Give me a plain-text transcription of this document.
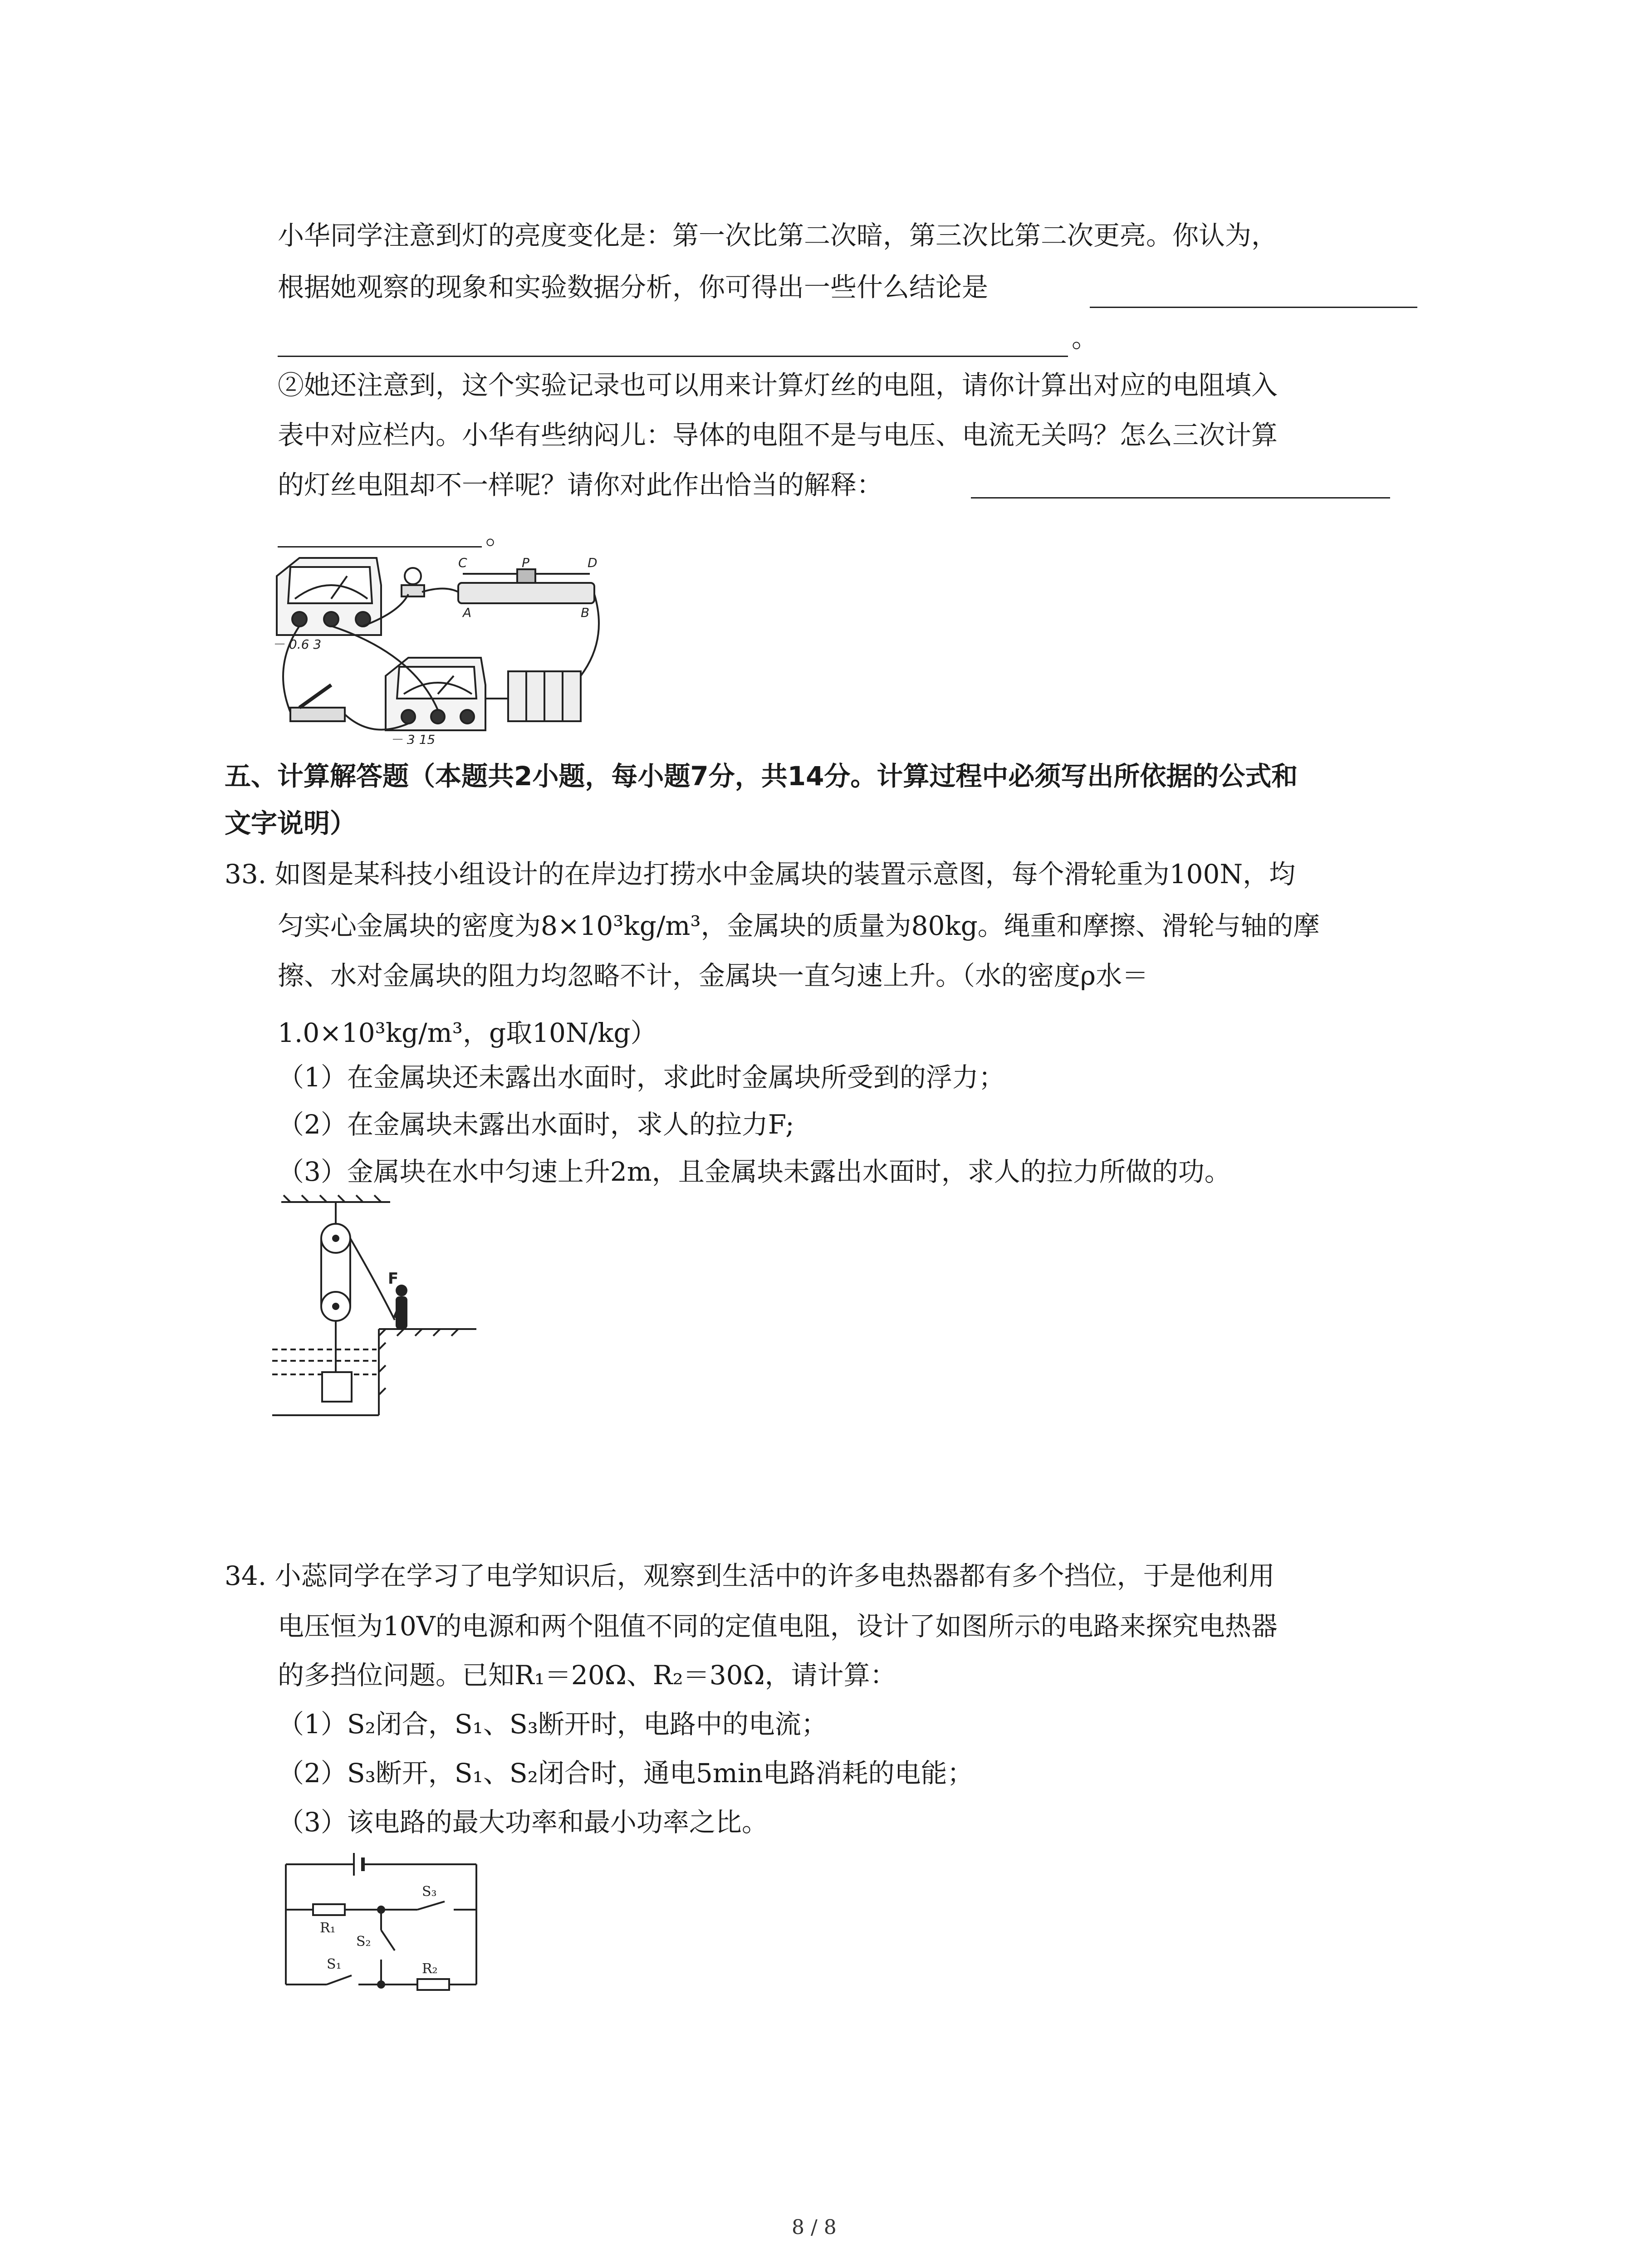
小华同学注意到灯的亮度变化是：第一次比第二次暗，第三次比第二次更亮。你认为，
根据她观察的现象和实验数据分析，你可得出一些什么结论是
。
②她还注意到，这个实验记录也可以用来计算灯丝的电阻，请你计算出对应的电阻填入
表中对应栏内。小华有些纳闷儿：导体的电阻不是与电压、电流无关吗？怎么三次计算
的灯丝电阻却不一样呢？请你对此作出恰当的解释：
。
－ 0.6 3
－ 3 15
C	P	D
A	B
五、计算解答题（本题共2小题，每小题7分，共14分。计算过程中必须写出所依据的公式和
文字说明）
33. 如图是某科技小组设计的在岸边打捞水中金属块的装置示意图，每个滑轮重为100N，均
匀实心金属块的密度为8×10³kg/m³，金属块的质量为80kg。绳重和摩擦、滑轮与轴的摩
擦、水对金属块的阻力均忽略不计，金属块一直匀速上升。（水的密度ρ水＝
1.0×10³kg/m³，g取10N/kg）
（1）在金属块还未露出水面时，求此时金属块所受到的浮力；
（2）在金属块未露出水面时，求人的拉力F;
（3）金属块在水中匀速上升2m，且金属块未露出水面时，求人的拉力所做的功。
F
34. 小蕊同学在学习了电学知识后，观察到生活中的许多电热器都有多个挡位，于是他利用
电压恒为10V的电源和两个阻值不同的定值电阻，设计了如图所示的电路来探究电热器
的多挡位问题。已知R₁＝20Ω、R₂＝30Ω，请计算：
（1）S₂闭合，S₁、S₃断开时，电路中的电流；
（2）S₃断开，S₁、S₂闭合时，通电5min电路消耗的电能；
（3）该电路的最大功率和最小功率之比。
R₁
R₂
S₁
S₂
S₃
8 / 8
